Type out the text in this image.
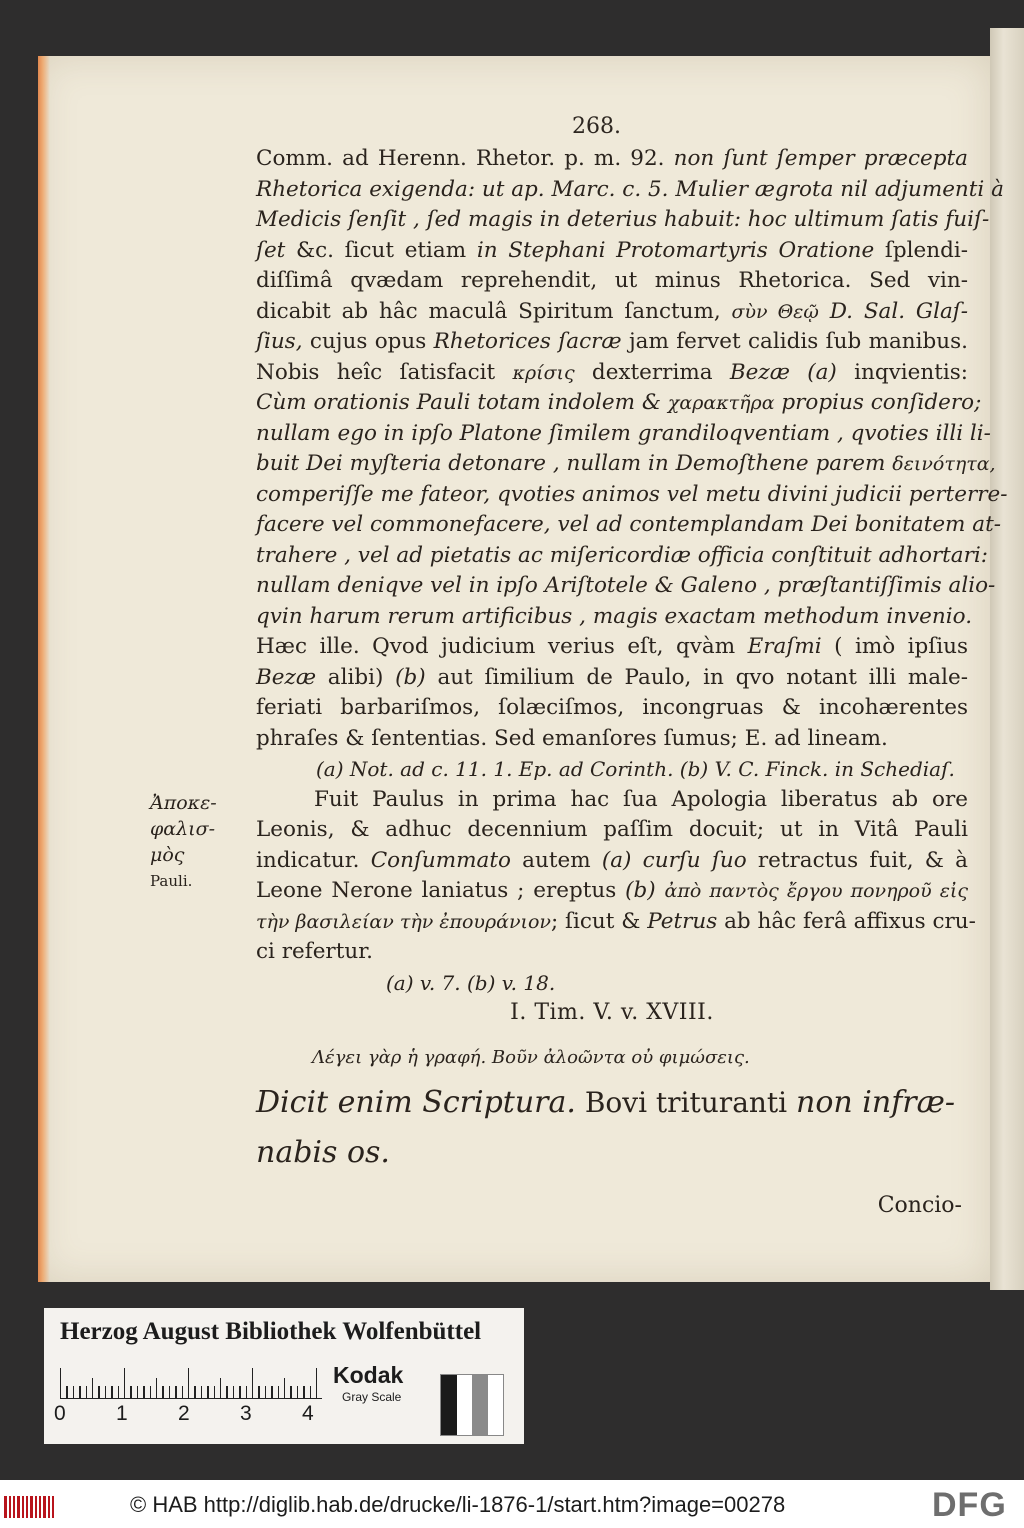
268.
Comm. ad Herenn. Rhetor. p. m. 92. non ſunt ſemper præcepta
Rhetorica exigenda: ut ap. Marc. c. 5. Mulier ægrota nil adjumenti à
Medicis ſenſit , ſed magis in deterius habuit: hoc ultimum ſatis fuiſ-
ſet &c. ſicut etiam in Stephani Protomartyris Oratione ſplendi-
diſſimâ qvædam reprehendit, ut minus Rhetorica. Sed vin-
dicabit ab hâc maculâ Spiritum ſanctum, σὺν Θεῷ D. Sal. Glaſ-
ſius, cujus opus Rhetorices ſacræ jam fervet calidis ſub manibus.
Nobis heîc ſatisfacit κρίσις dexterrima Bezæ (a) inqvientis:
Cùm orationis Pauli totam indolem & χαρακτῆρα propius conſidero;
nullam ego in ipſo Platone ſimilem grandiloqventiam , qvoties illi li-
buit Dei myſteria detonare , nullam in Demoſthene parem δεινότητα,
comperiſſe me fateor, qvoties animos vel metu divini judicii perterre-
facere vel commonefacere, vel ad contemplandam Dei bonitatem at-
trahere , vel ad pietatis ac miſericordiæ officia conſtituit adhortari:
nullam deniqve vel in ipſo Ariſtotele & Galeno , præſtantiſſimis alio-
qvin harum rerum artificibus , magis exactam methodum invenio.
Hæc ille. Qvod judicium verius eſt, qvàm Eraſmi ( imò ipſius
Bezæ alibi) (b) aut ſimilium de Paulo, in qvo notant illi male-
feriati barbariſmos, ſolæciſmos, incongruas & incohærentes
phraſes & ſententias. Sed emanſores ſumus; E. ad lineam.
(a) Not. ad c. 11. 1. Ep. ad Corinth. (b) V. C. Finck. in Schediaſ.
Fuit Paulus in prima hac ſua Apologia liberatus ab ore
Leonis, & adhuc decennium paſſim docuit; ut in Vitâ Pauli
indicatur. Conſummato autem (a) curſu ſuo retractus fuit, & à
Leone Nerone laniatus ; ereptus (b) ἀπὸ παντὸς ἔργου πονηροῦ εἰς
τὴν βασιλείαν τὴν ἐπουράνιον; ſicut & Petrus ab hâc ferâ affixus cru-
ci refertur.
(a) v. 7. (b) v. 18.
I. Tim. V. v. XVIII.
Λέγει γὰρ ἡ γραφή. Βοῦν ἀλοῶντα οὐ φιμώσεις.
Dicit enim Scriptura. Bovi trituranti non infræ-
nabis os.
Concio-
Ἀποκε-
φαλισ-
μὸς
Pauli.
Herzog August Bibliothek Wolfenbüttel
0 1 2 3 4
Kodak
Gray Scale
© HAB http://diglib.hab.de/drucke/li-1876-1/start.htm?image=00278	DFG
